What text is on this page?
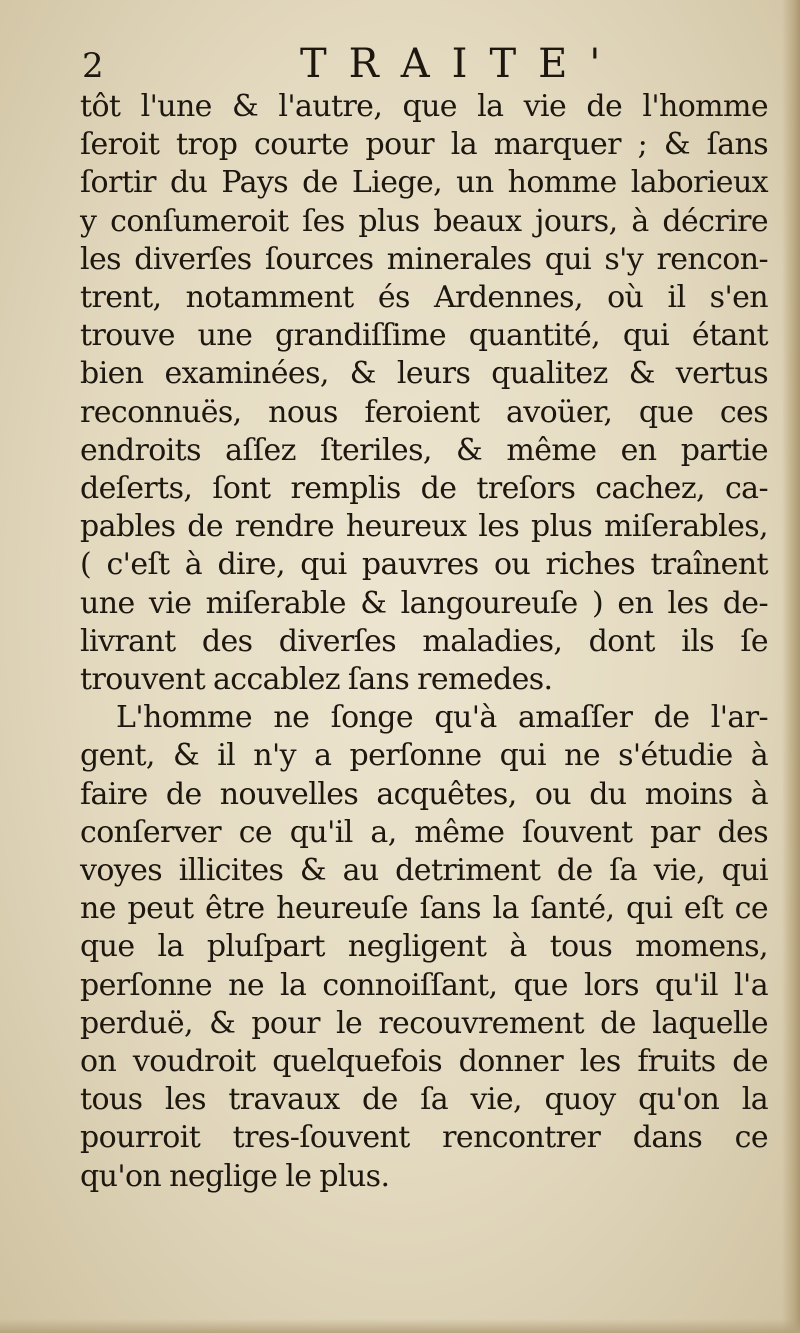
2	TRAITE'
tôt l'une & l'autre, que la vie de l'homme
ſeroit trop courte pour la marquer ; & ſans
ſortir du Pays de Liege, un homme laborieux
y conſumeroit ſes plus beaux jours, à décrire
les diverſes ſources minerales qui s'y rencon-
trent, notamment és Ardennes, où il s'en
trouve une grandiſſime quantité, qui étant
bien examinées, & leurs qualitez & vertus
reconnuës, nous feroient avoüer, que ces
endroits aſſez ſteriles, & même en partie
deſerts, ſont remplis de treſors cachez, ca-
pables de rendre heureux les plus miſerables,
( c'eſt à dire, qui pauvres ou riches traînent
une vie miſerable & langoureuſe ) en les de-
livrant des diverſes maladies, dont ils ſe
trouvent accablez ſans remedes.
L'homme ne ſonge qu'à amaſſer de l'ar-
gent, & il n'y a perſonne qui ne s'étudie à
faire de nouvelles acquêtes, ou du moins à
conſerver ce qu'il a, même ſouvent par des
voyes illicites & au detriment de ſa vie, qui
ne peut être heureuſe ſans la ſanté, qui eſt ce
que la pluſpart negligent à tous momens,
perſonne ne la connoiſſant, que lors qu'il l'a
perduë, & pour le recouvrement de laquelle
on voudroit quelquefois donner les fruits de
tous les travaux de ſa vie, quoy qu'on la
pourroit tres-ſouvent rencontrer dans ce
qu'on neglige le plus.
